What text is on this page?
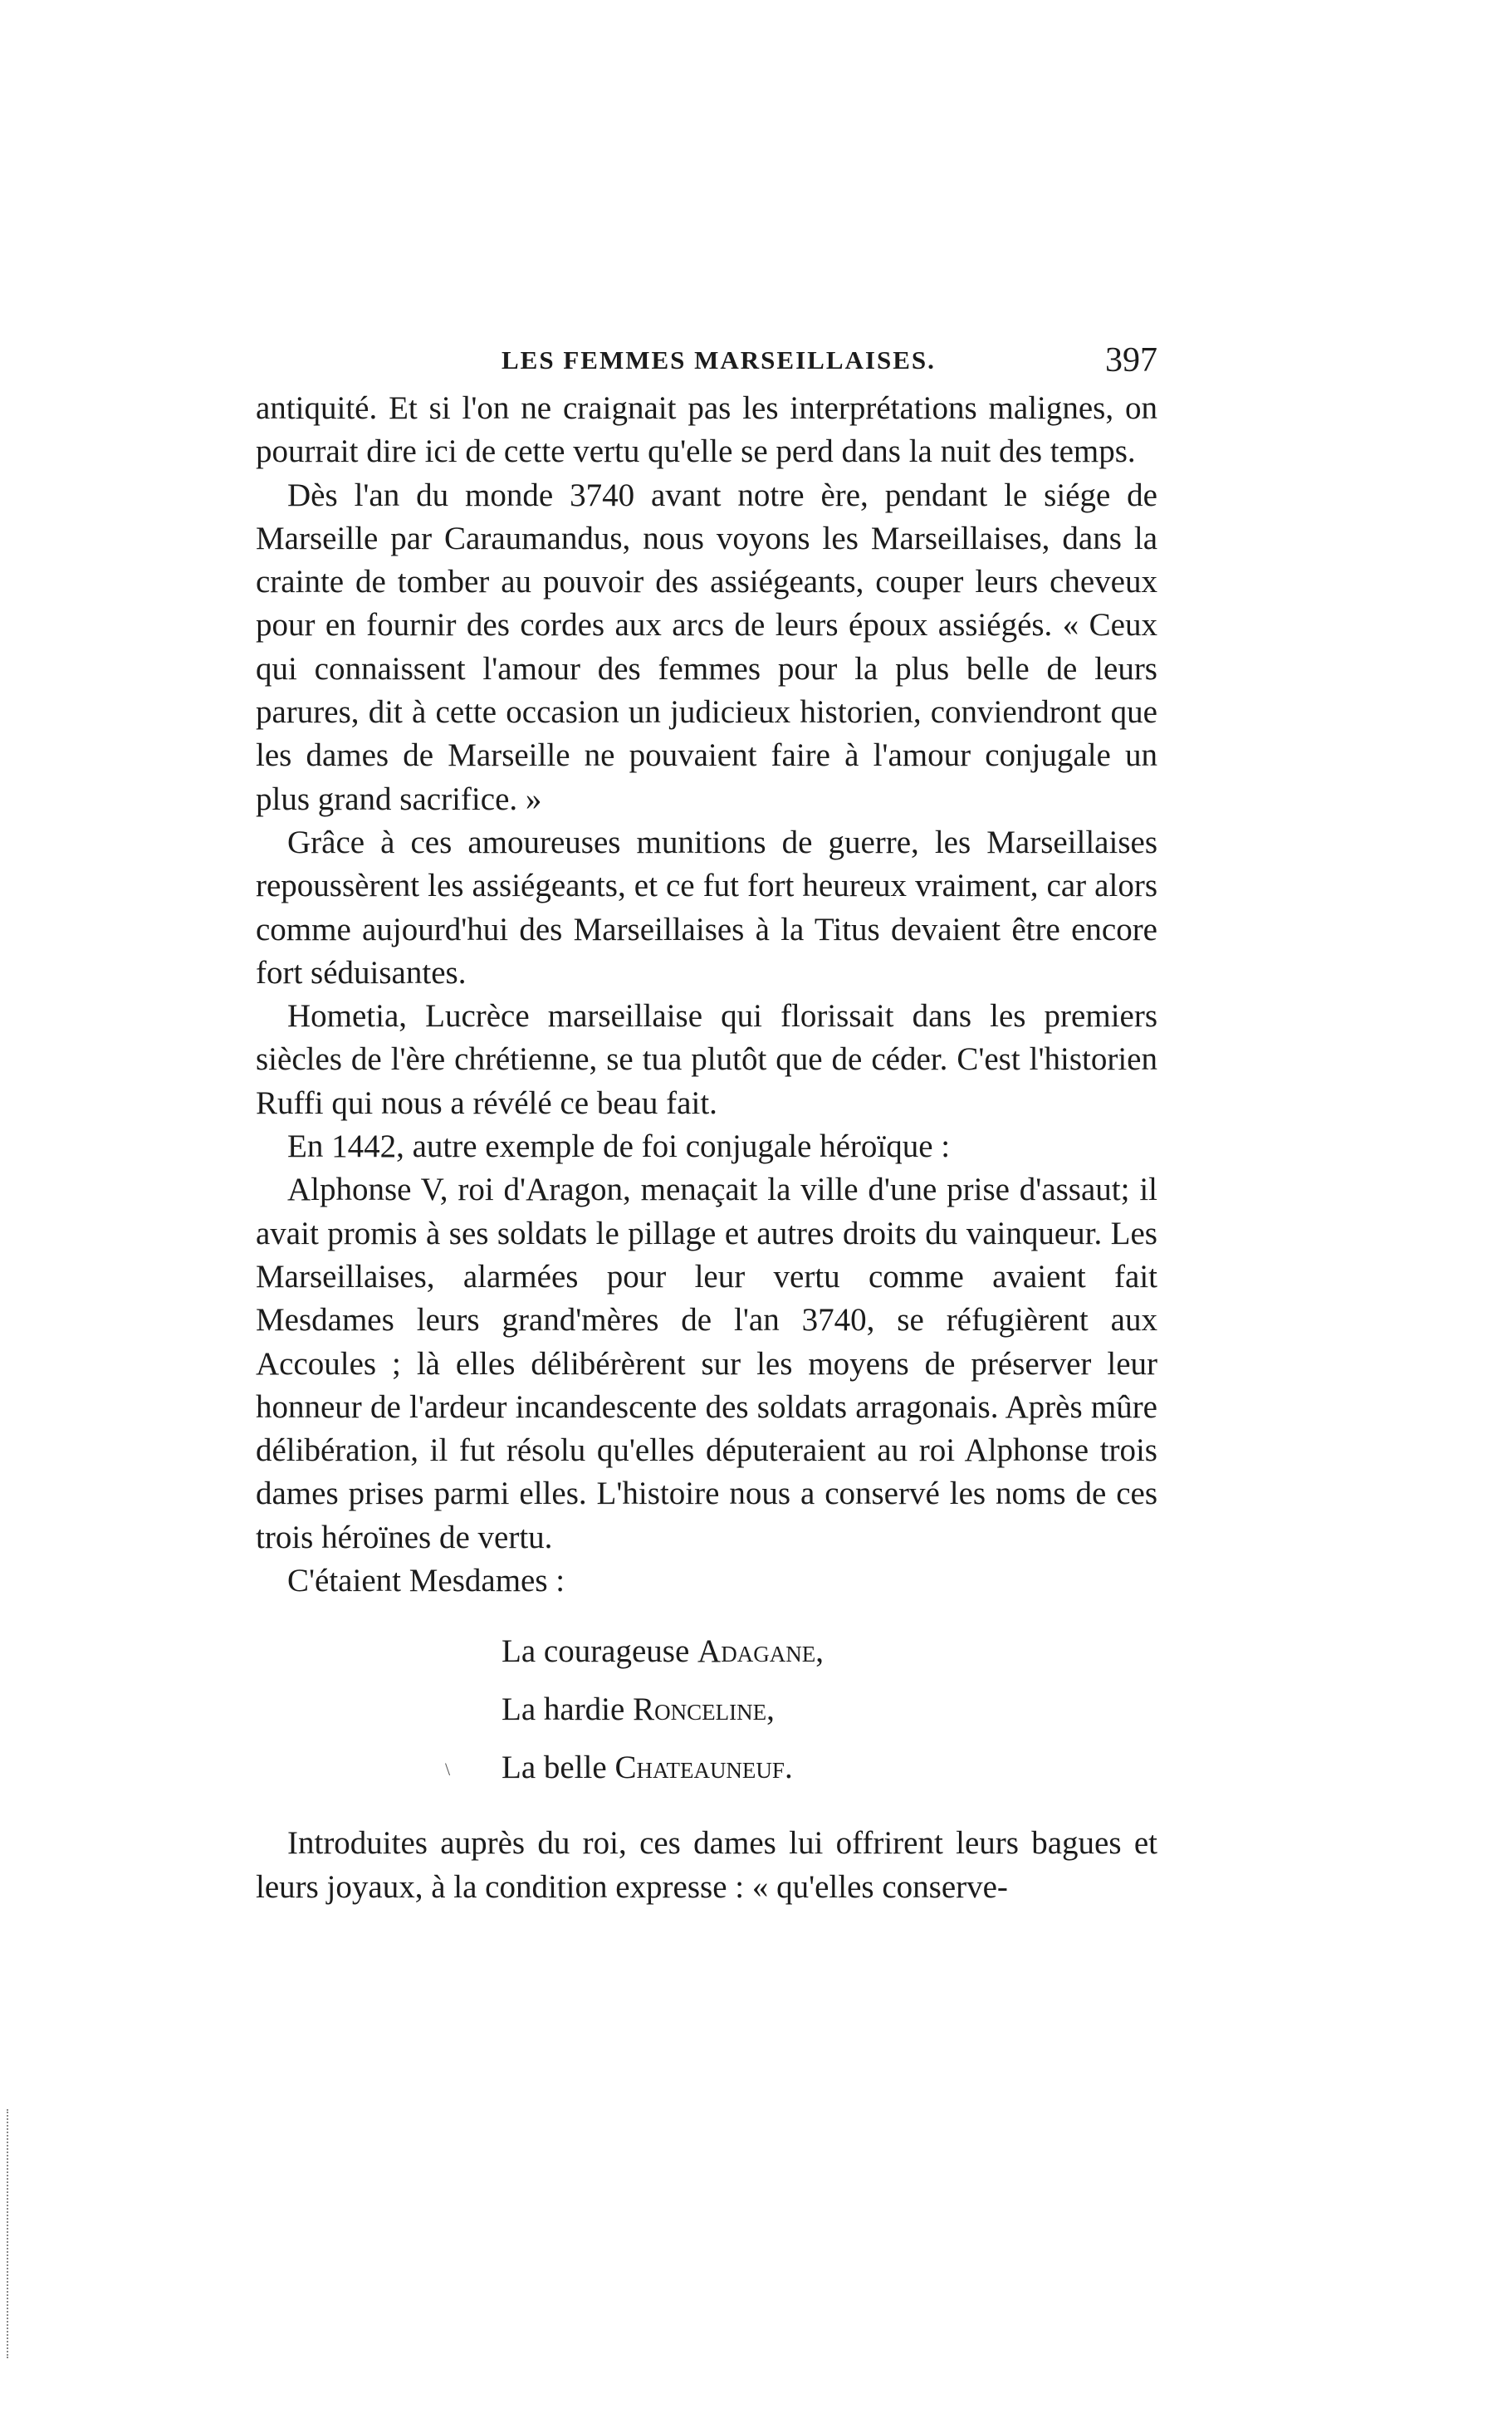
LES FEMMES MARSEILLAISES.	397

antiquité. Et si l'on ne craignait pas les interprétations malignes, on pourrait dire ici de cette vertu qu'elle se perd dans la nuit des temps.

Dès l'an du monde 3740 avant notre ère, pendant le siége de Marseille par Caraumandus, nous voyons les Marseillaises, dans la crainte de tomber au pouvoir des assiégeants, couper leurs cheveux pour en fournir des cordes aux arcs de leurs époux assiégés. « Ceux qui connaissent l'amour des femmes pour la plus belle de leurs parures, dit à cette occasion un judicieux historien, conviendront que les dames de Marseille ne pouvaient faire à l'amour conjugale un plus grand sacrifice. »

Grâce à ces amoureuses munitions de guerre, les Marseillaises repoussèrent les assiégeants, et ce fut fort heureux vraiment, car alors comme aujourd'hui des Marseillaises à la Titus devaient être encore fort séduisantes.

Hometia, Lucrèce marseillaise qui florissait dans les premiers siècles de l'ère chrétienne, se tua plutôt que de céder. C'est l'historien Ruffi qui nous a révélé ce beau fait.

En 1442, autre exemple de foi conjugale héroïque :

Alphonse V, roi d'Aragon, menaçait la ville d'une prise d'assaut; il avait promis à ses soldats le pillage et autres droits du vainqueur. Les Marseillaises, alarmées pour leur vertu comme avaient fait Mesdames leurs grand'mères de l'an 3740, se réfugièrent aux Accoules ; là elles délibérèrent sur les moyens de préserver leur honneur de l'ardeur incandescente des soldats arragonais. Après mûre délibération, il fut résolu qu'elles députeraient au roi Alphonse trois dames prises parmi elles. L'histoire nous a conservé les noms de ces trois héroïnes de vertu.

C'étaient Mesdames :

La courageuse Adagane,
La hardie Ronceline,
La belle Chateauneuf.

Introduites auprès du roi, ces dames lui offrirent leurs bagues et leurs joyaux, à la condition expresse : « qu'elles conserve-

\
